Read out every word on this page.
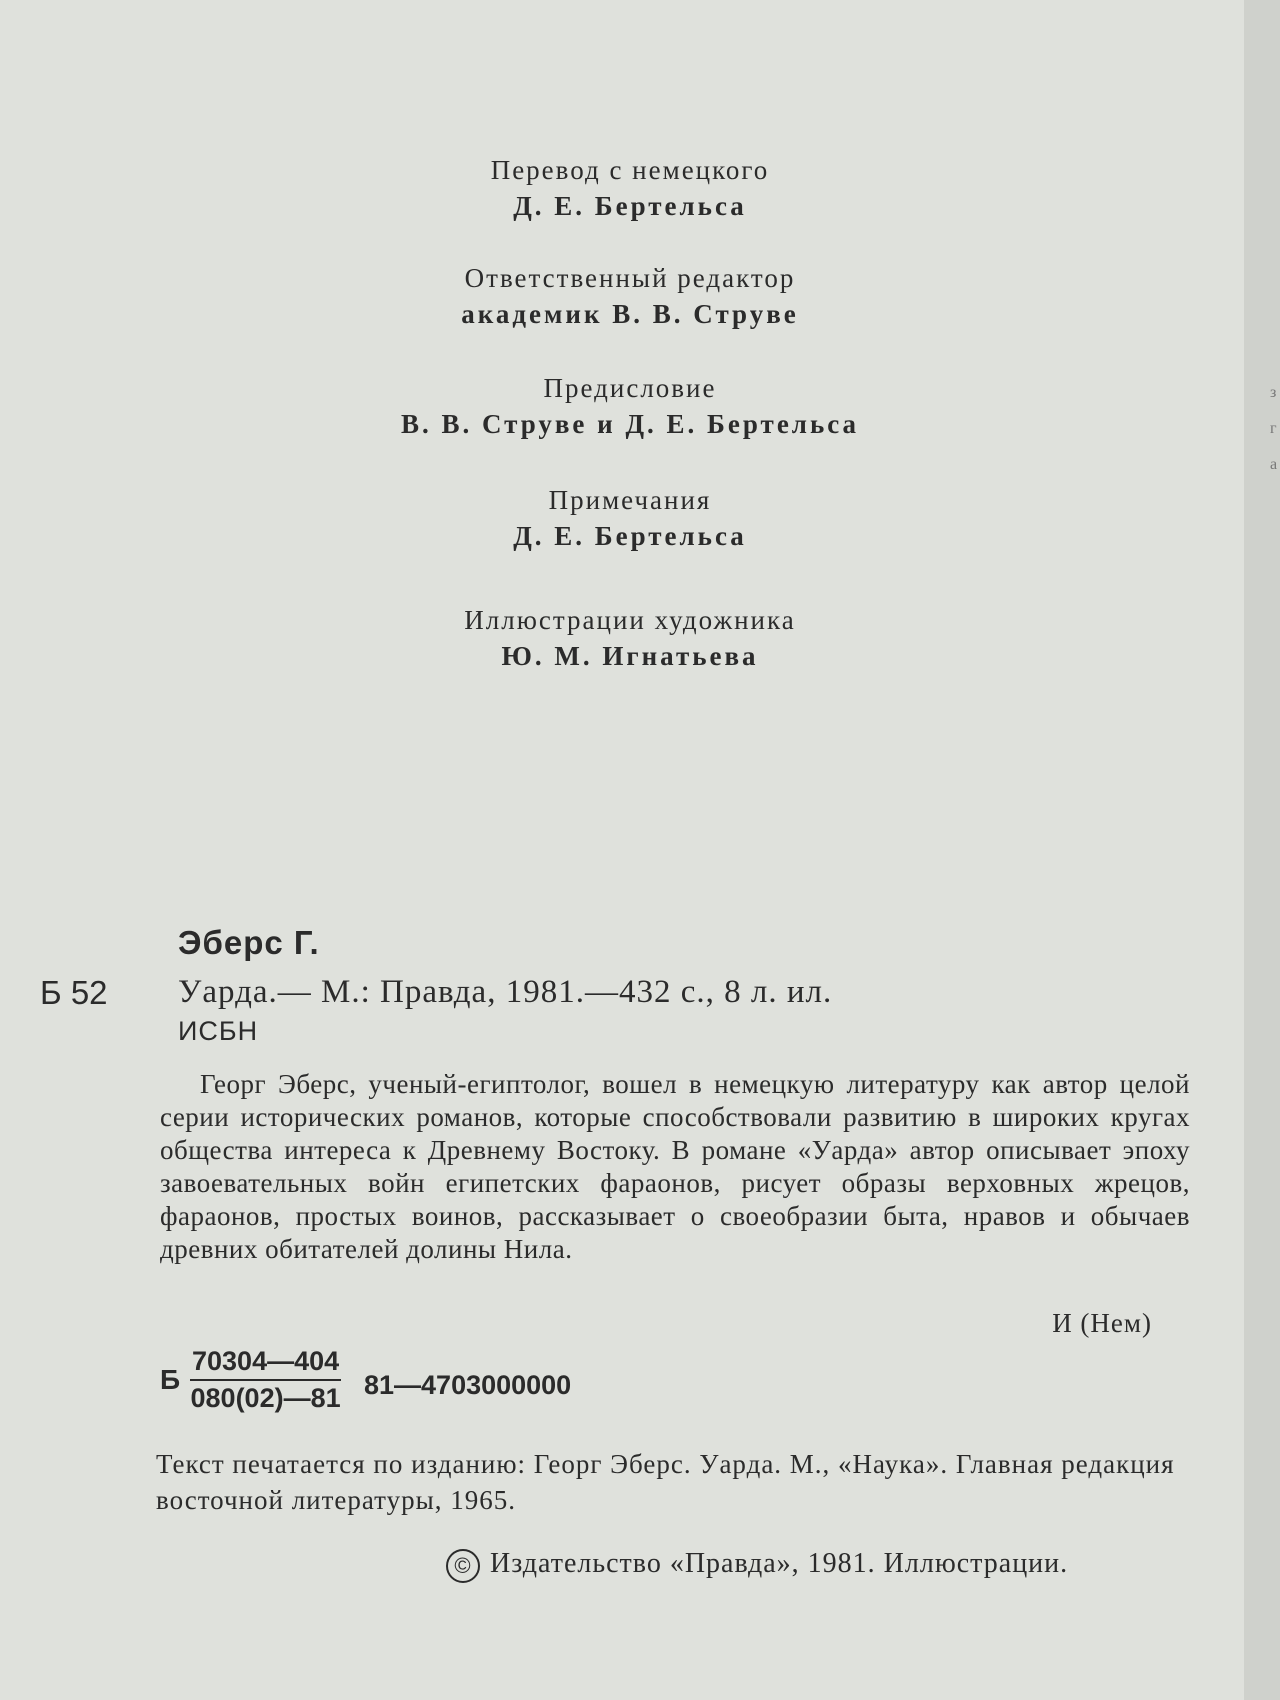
Перевод с немецкого
Д. Е. Бертельса
Ответственный редактор
академик В. В. Струве
Предисловие
В. В. Струве и Д. Е. Бертельса
Примечания
Д. Е. Бертельса
Иллюстрации художника
Ю. М. Игнатьева
Эберс Г.
Б 52 Уарда.— М.: Правда, 1981.—432 с., 8 л. ил.
ИСБН
Георг Эберс, ученый-египтолог, вошел в немецкую литературу как автор целой серии исторических романов, которые способствовали развитию в широких кругах общества интереса к Древнему Востоку. В романе «Уарда» автор описывает эпоху завоевательных войн египетских фараонов, рисует образы верховных жрецов, фараонов, простых воинов, рассказывает о своеобразии быта, нравов и обычаев древних обитателей долины Нила.
И (Нем)
Б $\frac{70304—404}{080(02)—81}$ 81—4703000000
Текст печатается по изданию: Георг Эберс. Уарда. М., «Наука». Главная редакция восточной литературы, 1965.
© Издательство «Правда», 1981. Иллюстрации.
з
г
а
